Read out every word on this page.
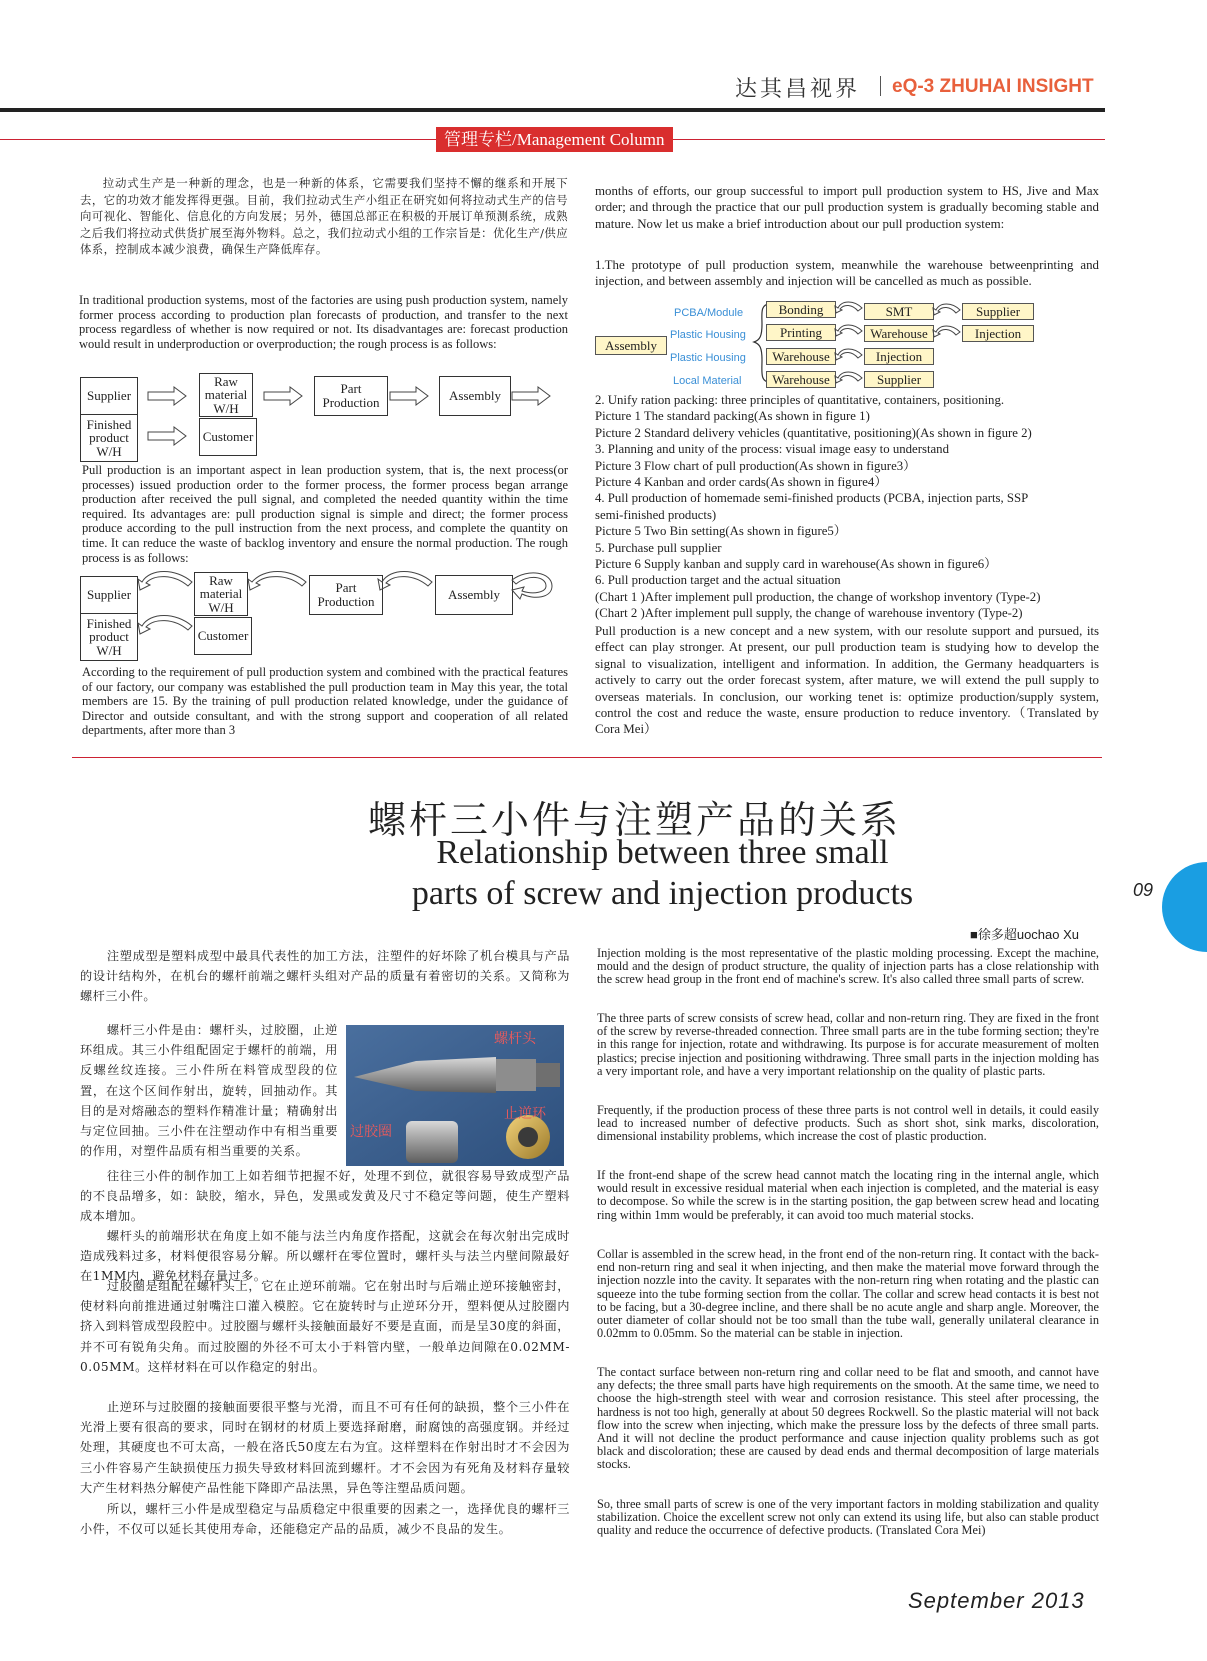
达其昌视界 eQ-3 ZHUHAI INSIGHT
管理专栏/Management Column
拉动式生产是一种新的理念，也是一种新的体系，它需要我们坚持不懈的继系和开展下去，它的功效才能发挥得更强。目前，我们拉动式生产小组正在研究如何将拉动式生产的信号向可视化、智能化、信息化的方向发展；另外，德国总部正在积极的开展订单预测系统，成熟之后我们将拉动式供货扩展至海外物料。总之，我们拉动式小组的工作宗旨是：优化生产/供应体系，控制成本减少浪费，确保生产降低库存。
In traditional production systems, most of the factories are using push production system, namely former process according to production plan forecasts of production, and transfer to the next process regardless of whether is now required or not. Its disadvantages are: forecast production would result in underproduction or overproduction; the rough process is as follows:
Supplier
Raw material W/H
Part Production	Assembly
Finished product W/H
Customer
Pull production is an important aspect in lean production system, that is, the next process(or processes) issued production order to the former process, the former process began arrange production after received the pull signal, and completed the needed quantity within the time required. Its advantages are: pull production signal is simple and direct; the former process produce according to the pull instruction from the next process, and complete the quantity on time. It can reduce the waste of backlog inventory and ensure the normal production. The rough process is as follows:
Supplier
Raw material W/H
Part Production	Assembly
Finished product W/H
Customer
According to the requirement of pull production system and combined with the practical features of our factory, our company was established the pull production team in May this year, the total members are 15. By the training of pull production related knowledge, under the guidance of Director and outside consultant, and with the strong support and cooperation of all related departments, after more than 3
months of efforts, our group successful to import pull production system to HS, Jive and Max order; and through the practice that our pull production system is gradually becoming stable and mature. Now let us make a brief introduction about our pull production system:
1.The prototype of pull production system, meanwhile the warehouse betweenprinting and injection, and between assembly and injection will be cancelled as much as possible.
Assembly
PCBA/Module
Plastic Housing
Plastic Housing
Local Material
Bonding
Printing
Warehouse
Warehouse
SMT
Warehouse
Injection
Supplier
Supplier
Injection
2. Unify ration packing: three principles of quantitative, containers, positioning.
Picture 1 The standard packing(As shown in figure 1)
Picture 2 Standard delivery vehicles (quantitative, positioning)(As shown in figure 2)
3. Planning and unity of the process: visual image easy to understand
Picture 3 Flow chart of pull production(As shown in figure3）
Picture 4 Kanban and order cards(As shown in figure4）
4. Pull production of homemade semi-finished products (PCBA, injection parts, SSP
semi-finished products)
Picture 5 Two Bin setting(As shown in figure5）
5. Purchase pull supplier
Picture 6 Supply kanban and supply card in warehouse(As shown in figure6）
6. Pull production target and the actual situation
(Chart 1 )After implement pull production, the change of workshop inventory (Type-2)
(Chart 2 )After implement pull supply, the change of warehouse inventory (Type-2)
Pull production is a new concept and a new system, with our resolute support and pursued, its effect can play stronger. At present, our pull production team is studying how to develop the signal to visualization, intelligent and information. In addition, the Germany headquarters is actively to carry out the order forecast system, after mature, we will extend the pull supply to overseas materials. In conclusion, our working tenet is: optimize production/supply system, control the cost and reduce the waste, ensure production to reduce inventory.（Translated by Cora Mei）
螺杆三小件与注塑产品的关系
Relationship between three small
parts of screw and injection products	09
■徐多超uochao Xu
注塑成型是塑料成型中最具代表性的加工方法，注塑件的好坏除了机台模具与产品的设计结构外，在机台的螺杆前端之螺杆头组对产品的质量有着密切的关系。又简称为螺杆三小件。
螺杆三小件是由：螺杆头，过胶圈，止逆环组成。其三小件组配固定于螺杆的前端，用反螺丝纹连接。三小件所在料管成型段的位置，在这个区间作射出，旋转，回抽动作。其目的是对熔融态的塑料作精准计量；精确射出与定位回抽。三小件在注塑动作中有相当重要的作用，对塑件品质有相当重要的关系。
螺杆头
止逆环
过胶圈
往往三小件的制作加工上如若细节把握不好，处理不到位，就很容易导致成型产品的不良品增多，如：缺胶，缩水，异色，发黑或发黄及尺寸不稳定等问题，使生产塑料成本增加。
螺杆头的前端形状在角度上如不能与法兰内角度作搭配，这就会在每次射出完成时造成残料过多，材料便很容易分解。所以螺杆在零位置时，螺杆头与法兰内壁间隙最好在1MM内，避免材料存量过多。
过胶圈是组配在螺杆头上，它在止逆环前端。它在射出时与后端止逆环接触密封，使材料向前推进通过射嘴注口灌入模腔。它在旋转时与止逆环分开，塑料便从过胶圈内挤入到料管成型段腔中。过胶圈与螺杆头接触面最好不要是直面，而是呈30度的斜面，并不可有锐角尖角。而过胶圈的外径不可太小于料管内壁，一般单边间隙在0.02MM-0.05MM。这样材料在可以作稳定的射出。
止逆环与过胶圈的接触面要很平整与光滑，而且不可有任何的缺损，整个三小件在光滑上要有很高的要求，同时在钢材的材质上要选择耐磨，耐腐蚀的高强度钢。并经过处理，其硬度也不可太高，一般在洛氏50度左右为宜。这样塑料在作射出时才不会因为三小件容易产生缺损使压力损失导致材料回流到螺杆。才不会因为有死角及材料存量较大产生材料热分解使产品性能下降即产品法黑，异色等注塑品质问题。
所以，螺杆三小件是成型稳定与品质稳定中很重要的因素之一，选择优良的螺杆三小件，不仅可以延长其使用寿命，还能稳定产品的品质，减少不良品的发生。
Injection molding is the most representative of the plastic molding processing. Except the machine, mould and the design of product structure, the quality of injection parts has a close relationship with the screw head group in the front end of machine's screw. It's also called three small parts of screw.
The three parts of screw consists of screw head, collar and non-return ring. They are fixed in the front of the screw by reverse-threaded connection. Three small parts are in the tube forming section; they're in this range for injection, rotate and withdrawing. Its purpose is for accurate measurement of molten plastics; precise injection and positioning withdrawing. Three small parts in the injection molding has a very important role, and have a very important relationship on the quality of plastic parts.
Frequently, if the production process of these three parts is not control well in details, it could easily lead to increased number of defective products. Such as short shot, sink marks, discoloration, dimensional instability problems, which increase the cost of plastic production.
If the front-end shape of the screw head cannot match the locating ring in the internal angle, which would result in excessive residual material when each injection is completed, and the material is easy to decompose. So while the screw is in the starting position, the gap between screw head and locating ring within 1mm would be preferably, it can avoid too much material stocks.
Collar is assembled in the screw head, in the front end of the non-return ring. It contact with the back-end non-return ring and seal it when injecting, and then make the material move forward through the injection nozzle into the cavity. It separates with the non-return ring when rotating and the plastic can squeeze into the tube forming section from the collar. The collar and screw head contacts it is best not to be facing, but a 30-degree incline, and there shall be no acute angle and sharp angle. Moreover, the outer diameter of collar should not be too small than the tube wall, generally unilateral clearance in 0.02mm to 0.05mm. So the material can be stable in injection.
The contact surface between non-return ring and collar need to be flat and smooth, and cannot have any defects; the three small parts have high requirements on the smooth. At the same time, we need to choose the high-strength steel with wear and corrosion resistance. This steel after processing, the hardness is not too high, generally at about 50 degrees Rockwell. So the plastic material will not back flow into the screw when injecting, which make the pressure loss by the defects of three small parts. And it will not decline the product performance and cause injection quality problems such as got black and discoloration; these are caused by dead ends and thermal decomposition of large materials stocks.
So, three small parts of screw is one of the very important factors in molding stabilization and quality stabilization. Choice the excellent screw not only can extend its using life, but also can stable product quality and reduce the occurrence of defective products. (Translated Cora Mei)
September 2013
